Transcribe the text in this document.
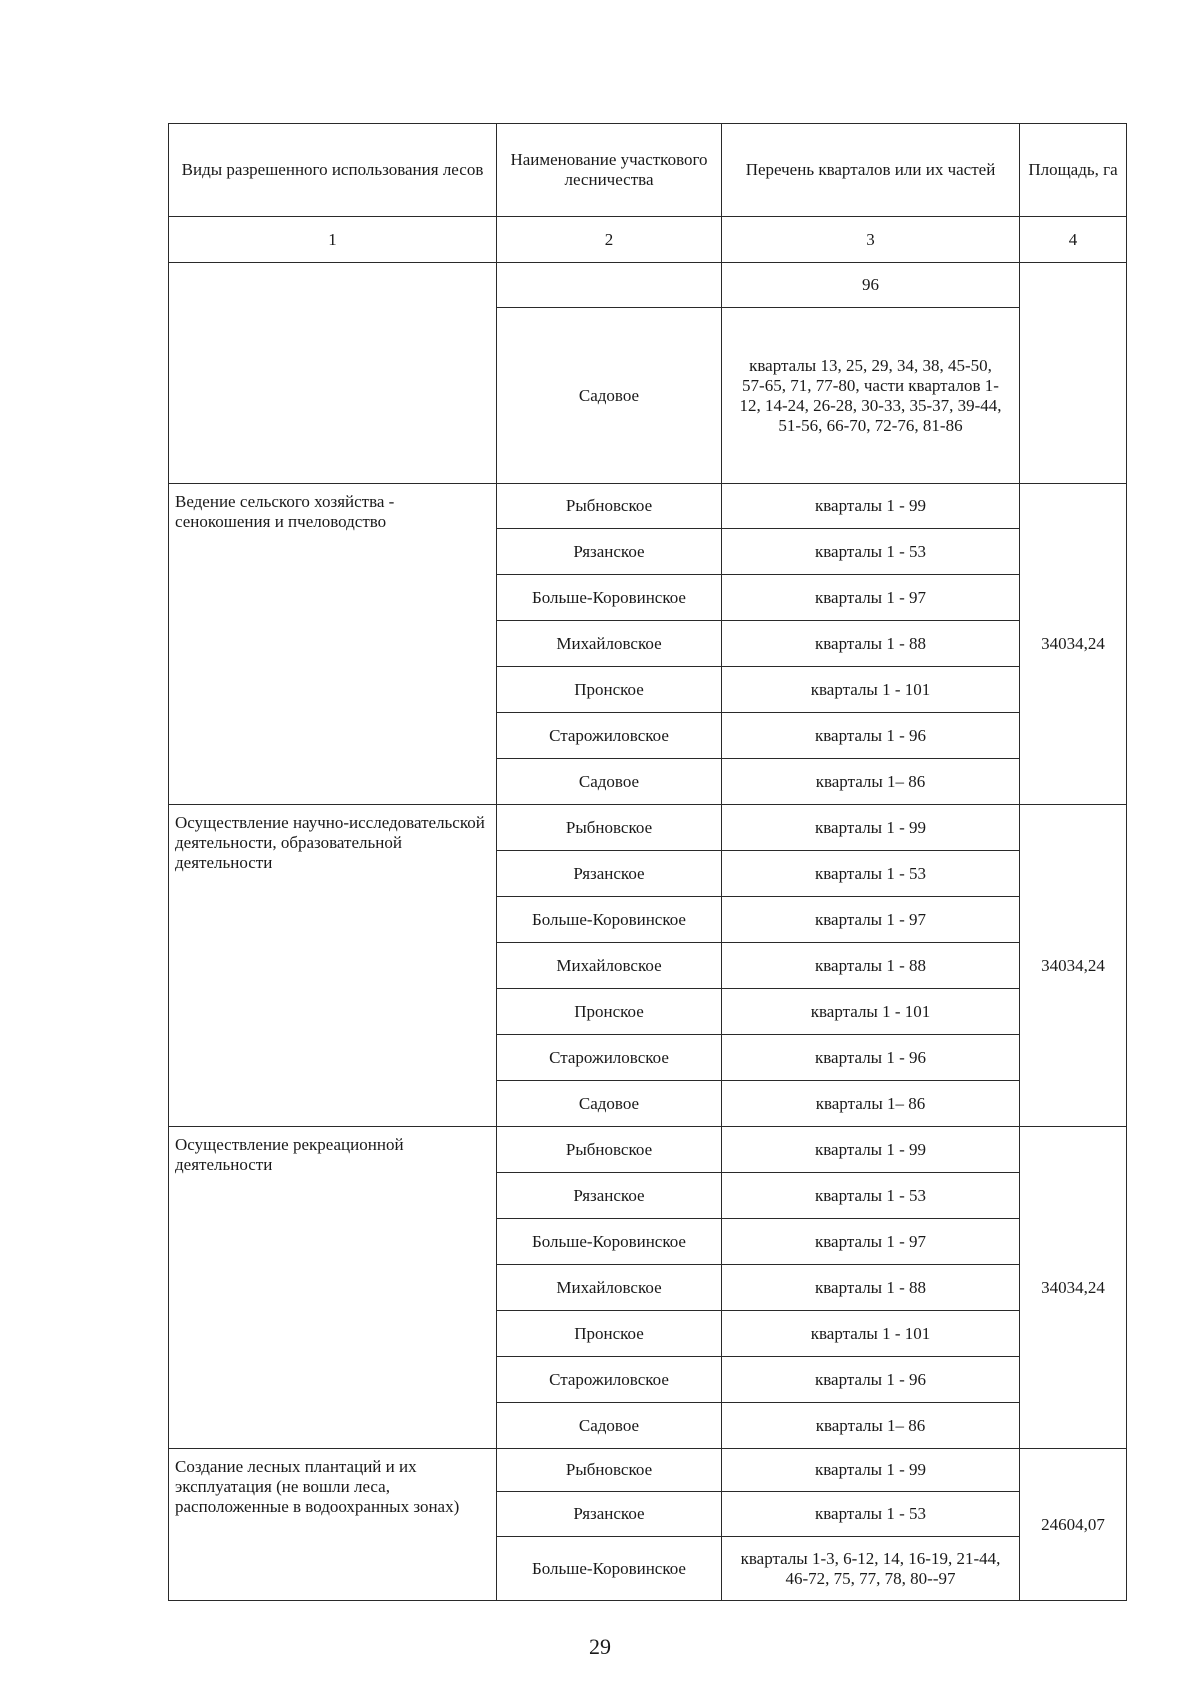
Виды разрешенного использования лесов	Наименование участкового лесничества	Перечень кварталов или их частей	Площадь, га
1	2	3	4
		96	
	Садовое	кварталы 13, 25, 29, 34, 38, 45-50, 57-65, 71, 77-80, части кварталов 1-12, 14-24, 26-28, 30-33, 35-37, 39-44, 51-56, 66-70, 72-76, 81-86	
Ведение сельского хозяйства - сенокошения и пчеловодство	Рыбновское	кварталы 1 - 99	34034,24
	Рязанское	кварталы 1 - 53	
	Больше-Коровинское	кварталы 1 - 97	
	Михайловское	кварталы 1 - 88	
	Пронское	кварталы 1 - 101	
	Старожиловское	кварталы 1 - 96	
	Садовое	кварталы 1– 86	
Осуществление научно-исследовательской деятельности, образовательной деятельности	Рыбновское	кварталы 1 - 99	34034,24
	Рязанское	кварталы 1 - 53	
	Больше-Коровинское	кварталы 1 - 97	
	Михайловское	кварталы 1 - 88	
	Пронское	кварталы 1 - 101	
	Старожиловское	кварталы 1 - 96	
	Садовое	кварталы 1– 86	
Осуществление рекреационной деятельности	Рыбновское	кварталы 1 - 99	34034,24
	Рязанское	кварталы 1 - 53	
	Больше-Коровинское	кварталы 1 - 97	
	Михайловское	кварталы 1 - 88	
	Пронское	кварталы 1 - 101	
	Старожиловское	кварталы 1 - 96	
	Садовое	кварталы 1– 86	
Создание лесных плантаций и их эксплуатация (не вошли леса, расположенные в водоохранных зонах)	Рыбновское	кварталы 1 - 99	24604,07
	Рязанское	кварталы 1 - 53	
	Больше-Коровинское	кварталы 1-3, 6-12, 14, 16-19, 21-44, 46-72, 75, 77, 78, 80--97	
29
